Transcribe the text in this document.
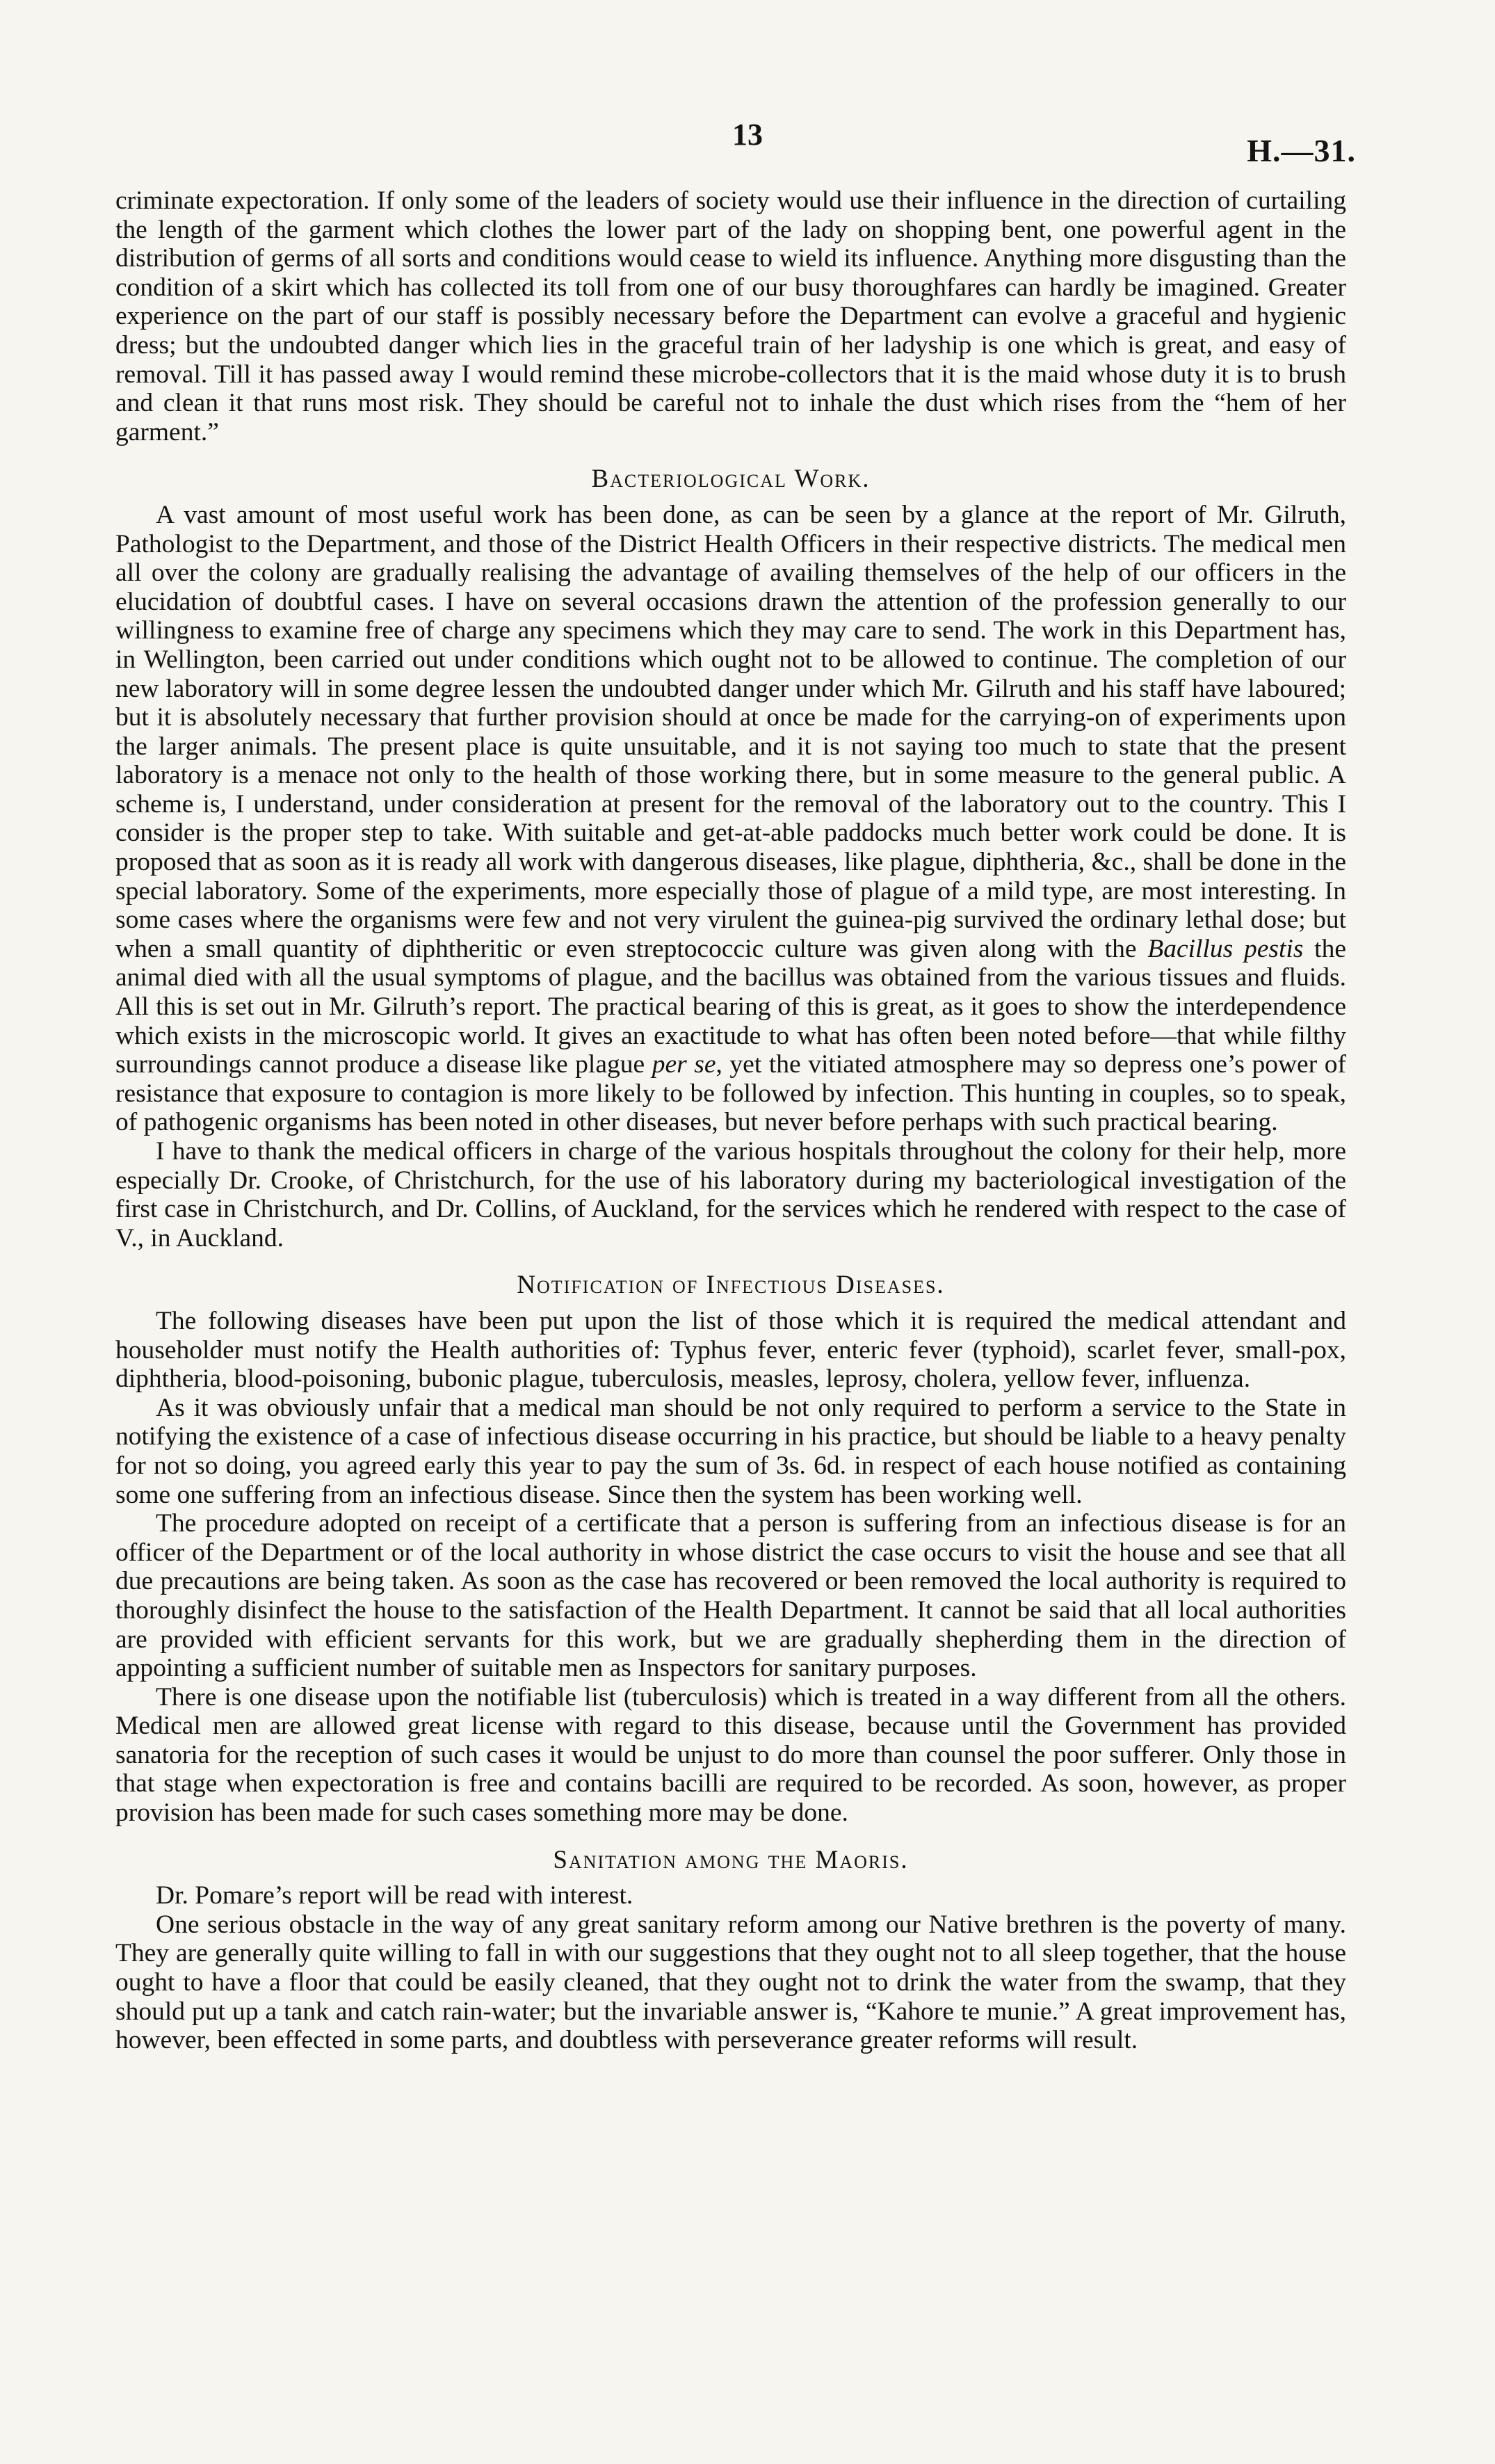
13	H.—31.

criminate expectoration. If only some of the leaders of society would use their influence in the direction of curtailing the length of the garment which clothes the lower part of the lady on shopping bent, one powerful agent in the distribution of germs of all sorts and conditions would cease to wield its influence. Anything more disgusting than the condition of a skirt which has collected its toll from one of our busy thoroughfares can hardly be imagined. Greater experience on the part of our staff is possibly necessary before the Department can evolve a graceful and hygienic dress; but the undoubted danger which lies in the graceful train of her ladyship is one which is great, and easy of removal. Till it has passed away I would remind these microbe-collectors that it is the maid whose duty it is to brush and clean it that runs most risk. They should be careful not to inhale the dust which rises from the “hem of her garment.”

Bacteriological Work.

A vast amount of most useful work has been done, as can be seen by a glance at the report of Mr. Gilruth, Pathologist to the Department, and those of the District Health Officers in their respective districts. The medical men all over the colony are gradually realising the advantage of availing themselves of the help of our officers in the elucidation of doubtful cases. I have on several occasions drawn the attention of the profession generally to our willingness to examine free of charge any specimens which they may care to send. The work in this Department has, in Wellington, been carried out under conditions which ought not to be allowed to continue. The completion of our new laboratory will in some degree lessen the undoubted danger under which Mr. Gilruth and his staff have laboured; but it is absolutely necessary that further provision should at once be made for the carrying-on of experiments upon the larger animals. The present place is quite unsuitable, and it is not saying too much to state that the present laboratory is a menace not only to the health of those working there, but in some measure to the general public. A scheme is, I understand, under consideration at present for the removal of the laboratory out to the country. This I consider is the proper step to take. With suitable and get-at-able paddocks much better work could be done. It is proposed that as soon as it is ready all work with dangerous diseases, like plague, diphtheria, &c., shall be done in the special laboratory. Some of the experiments, more especially those of plague of a mild type, are most interesting. In some cases where the organisms were few and not very virulent the guinea-pig survived the ordinary lethal dose; but when a small quantity of diphtheritic or even streptococcic culture was given along with the Bacillus pestis the animal died with all the usual symptoms of plague, and the bacillus was obtained from the various tissues and fluids. All this is set out in Mr. Gilruth’s report. The practical bearing of this is great, as it goes to show the interdependence which exists in the microscopic world. It gives an exactitude to what has often been noted before—that while filthy surroundings cannot produce a disease like plague per se, yet the vitiated atmosphere may so depress one’s power of resistance that exposure to contagion is more likely to be followed by infection. This hunting in couples, so to speak, of pathogenic organisms has been noted in other diseases, but never before perhaps with such practical bearing.

I have to thank the medical officers in charge of the various hospitals throughout the colony for their help, more especially Dr. Crooke, of Christchurch, for the use of his laboratory during my bacteriological investigation of the first case in Christchurch, and Dr. Collins, of Auckland, for the services which he rendered with respect to the case of V., in Auckland.

Notification of Infectious Diseases.

The following diseases have been put upon the list of those which it is required the medical attendant and householder must notify the Health authorities of: Typhus fever, enteric fever (typhoid), scarlet fever, small-pox, diphtheria, blood-poisoning, bubonic plague, tuberculosis, measles, leprosy, cholera, yellow fever, influenza.

As it was obviously unfair that a medical man should be not only required to perform a service to the State in notifying the existence of a case of infectious disease occurring in his practice, but should be liable to a heavy penalty for not so doing, you agreed early this year to pay the sum of 3s. 6d. in respect of each house notified as containing some one suffering from an infectious disease. Since then the system has been working well.

The procedure adopted on receipt of a certificate that a person is suffering from an infectious disease is for an officer of the Department or of the local authority in whose district the case occurs to visit the house and see that all due precautions are being taken. As soon as the case has recovered or been removed the local authority is required to thoroughly disinfect the house to the satisfaction of the Health Department. It cannot be said that all local authorities are provided with efficient servants for this work, but we are gradually shepherding them in the direction of appointing a sufficient number of suitable men as Inspectors for sanitary purposes.

There is one disease upon the notifiable list (tuberculosis) which is treated in a way different from all the others. Medical men are allowed great license with regard to this disease, because until the Government has provided sanatoria for the reception of such cases it would be unjust to do more than counsel the poor sufferer. Only those in that stage when expectoration is free and contains bacilli are required to be recorded. As soon, however, as proper provision has been made for such cases something more may be done.

Sanitation among the Maoris.

Dr. Pomare’s report will be read with interest.

One serious obstacle in the way of any great sanitary reform among our Native brethren is the poverty of many. They are generally quite willing to fall in with our suggestions that they ought not to all sleep together, that the house ought to have a floor that could be easily cleaned, that they ought not to drink the water from the swamp, that they should put up a tank and catch rain-water; but the invariable answer is, “Kahore te munie.” A great improvement has, however, been effected in some parts, and doubtless with perseverance greater reforms will result.
